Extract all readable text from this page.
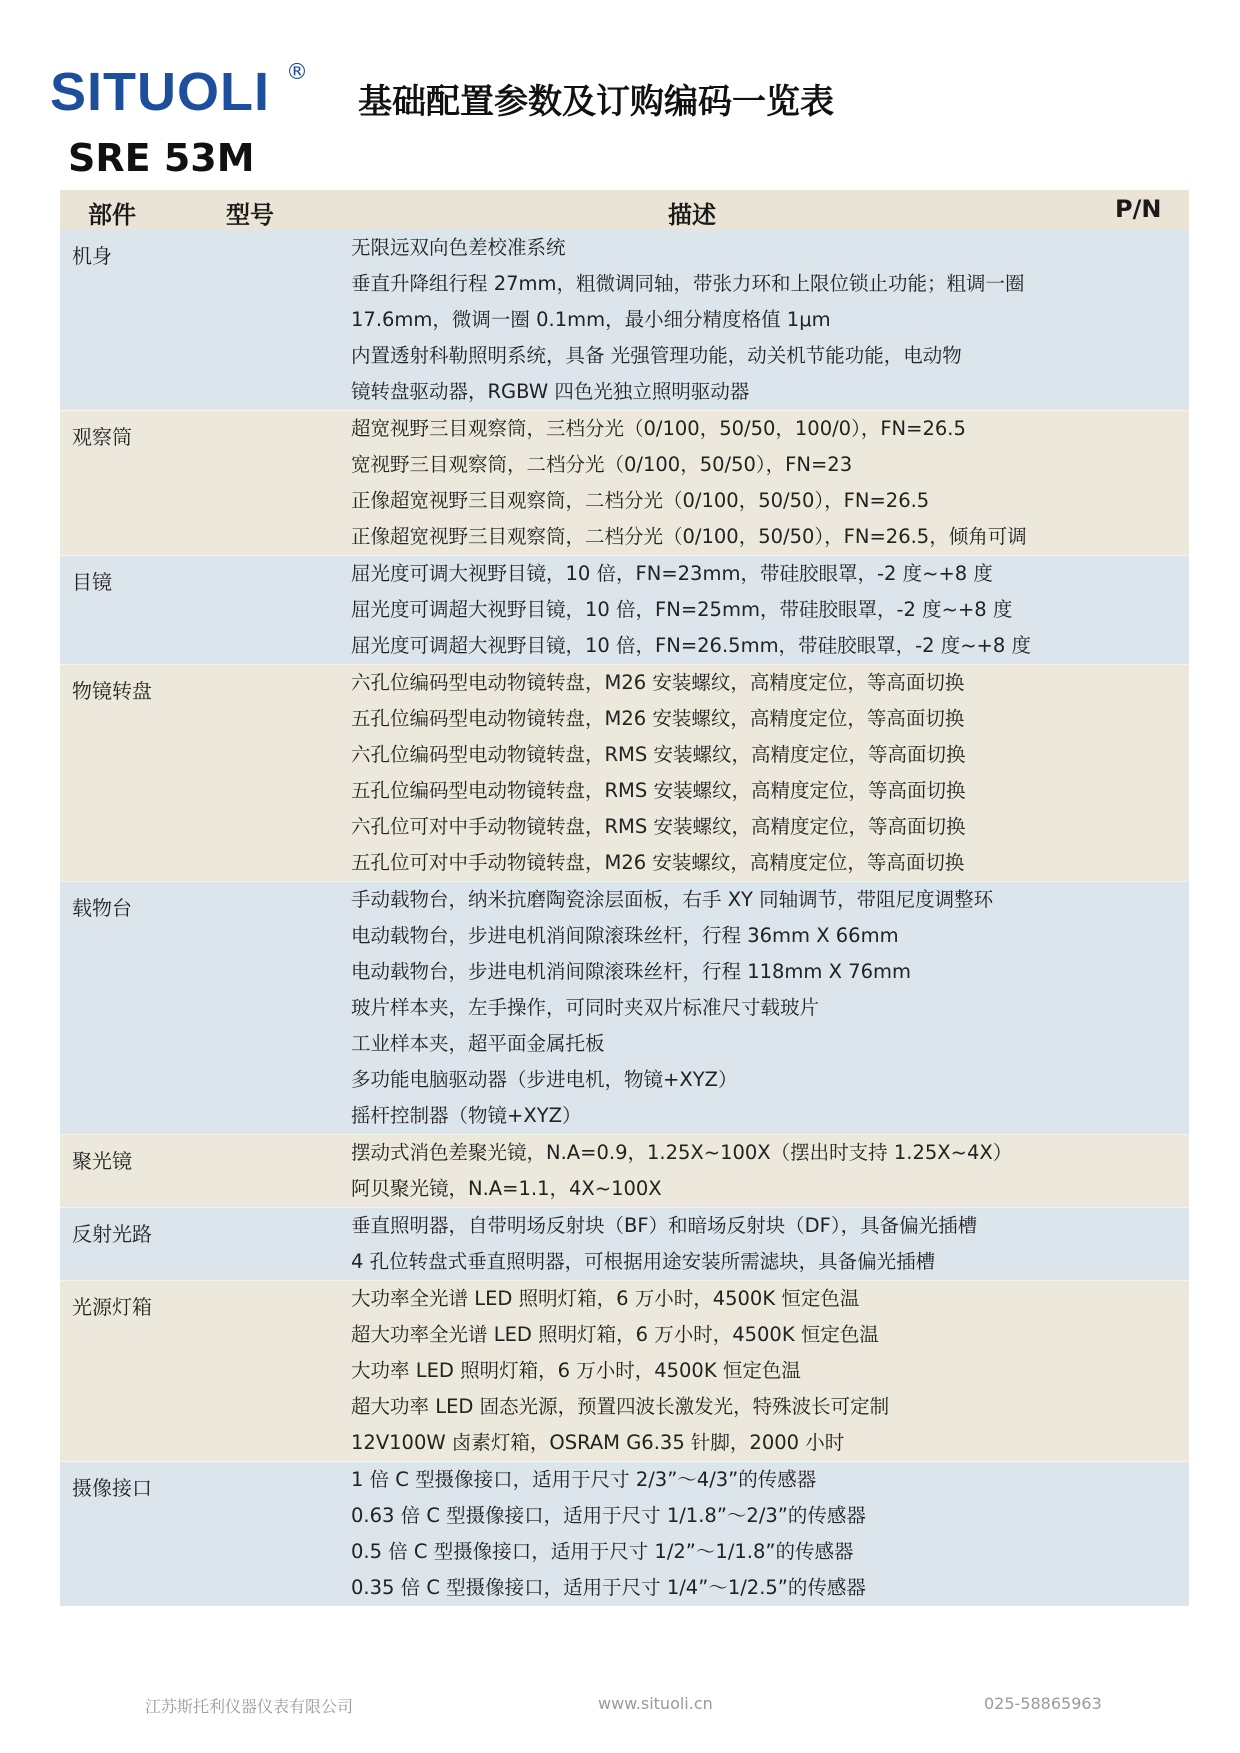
SITUOLI ®
基础配置参数及订购编码一览表
SRE 53M
部件	型号	描述	P/N
机身	无限远双向色差校准系统
垂直升降组行程 27mm，粗微调同轴，带张力环和上限位锁止功能；粗调一圈
17.6mm，微调一圈 0.1mm，最小细分精度格值 1μm
内置透射科勒照明系统，具备 光强管理功能，动关机节能功能，电动物
镜转盘驱动器，RGBW 四色光独立照明驱动器
观察筒	超宽视野三目观察筒，三档分光（0/100，50/50，100/0），FN=26.5
宽视野三目观察筒，二档分光（0/100，50/50），FN=23
正像超宽视野三目观察筒，二档分光（0/100，50/50），FN=26.5
正像超宽视野三目观察筒，二档分光（0/100，50/50），FN=26.5，倾角可调
目镜	屈光度可调大视野目镜，10 倍，FN=23mm，带硅胶眼罩，-2 度~+8 度
屈光度可调超大视野目镜，10 倍，FN=25mm，带硅胶眼罩，-2 度~+8 度
屈光度可调超大视野目镜，10 倍，FN=26.5mm，带硅胶眼罩，-2 度~+8 度
物镜转盘	六孔位编码型电动物镜转盘，M26 安装螺纹，高精度定位，等高面切换
五孔位编码型电动物镜转盘，M26 安装螺纹，高精度定位，等高面切换
六孔位编码型电动物镜转盘，RMS 安装螺纹，高精度定位，等高面切换
五孔位编码型电动物镜转盘，RMS 安装螺纹，高精度定位，等高面切换
六孔位可对中手动物镜转盘，RMS 安装螺纹，高精度定位，等高面切换
五孔位可对中手动物镜转盘，M26 安装螺纹，高精度定位，等高面切换
载物台	手动载物台，纳米抗磨陶瓷涂层面板，右手 XY 同轴调节，带阻尼度调整环
电动载物台，步进电机消间隙滚珠丝杆，行程 36mm X 66mm
电动载物台，步进电机消间隙滚珠丝杆，行程 118mm X 76mm
玻片样本夹，左手操作，可同时夹双片标准尺寸载玻片
工业样本夹，超平面金属托板
多功能电脑驱动器（步进电机，物镜+XYZ）
摇杆控制器（物镜+XYZ）
聚光镜	摆动式消色差聚光镜，N.A=0.9，1.25X~100X（摆出时支持 1.25X~4X）
阿贝聚光镜，N.A=1.1，4X~100X
反射光路	垂直照明器，自带明场反射块（BF）和暗场反射块（DF），具备偏光插槽
4 孔位转盘式垂直照明器，可根据用途安装所需滤块，具备偏光插槽
光源灯箱	大功率全光谱 LED 照明灯箱，6 万小时，4500K 恒定色温
超大功率全光谱 LED 照明灯箱，6 万小时，4500K 恒定色温
大功率 LED 照明灯箱，6 万小时，4500K 恒定色温
超大功率 LED 固态光源，预置四波长激发光，特殊波长可定制
12V100W 卤素灯箱，OSRAM G6.35 针脚，2000 小时
摄像接口	1 倍 C 型摄像接口，适用于尺寸 2/3”～4/3”的传感器
0.63 倍 C 型摄像接口，适用于尺寸 1/1.8”～2/3”的传感器
0.5 倍 C 型摄像接口，适用于尺寸 1/2”～1/1.8”的传感器
0.35 倍 C 型摄像接口，适用于尺寸 1/4”～1/2.5”的传感器
江苏斯托利仪器仪表有限公司	www.situoli.cn	025-58865963
